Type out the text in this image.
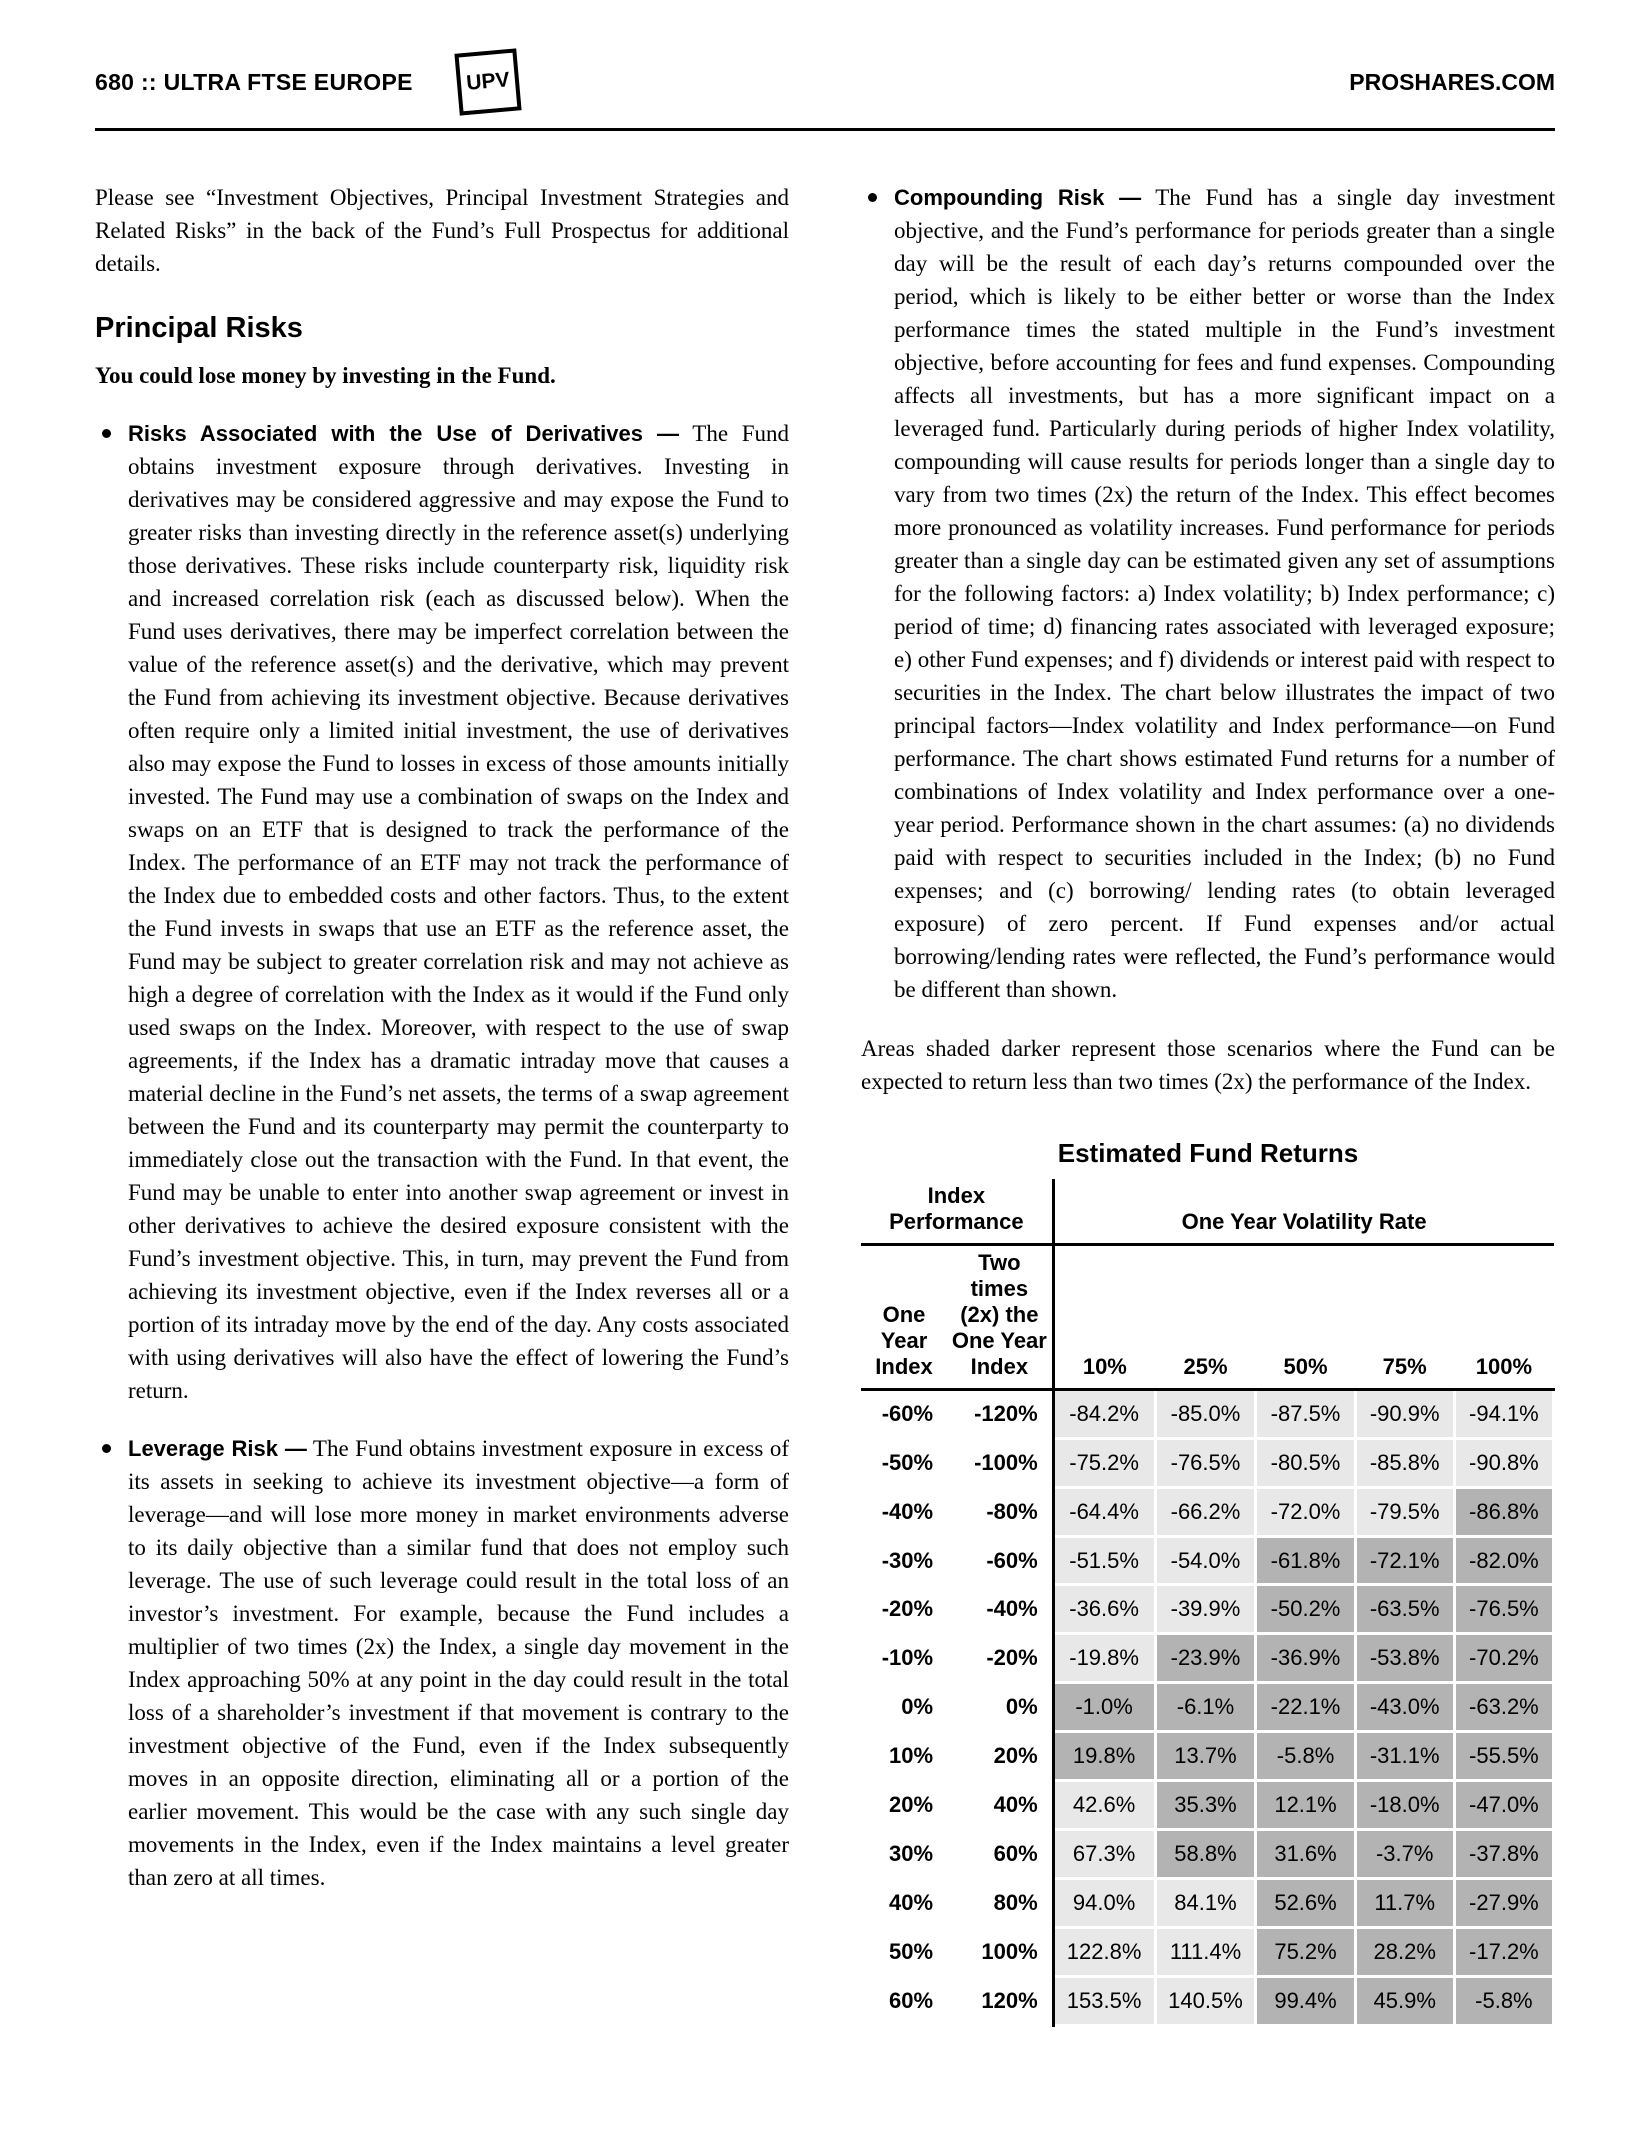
680 :: ULTRA FTSE EUROPE UPV	PROSHARES.COM

Please see “Investment Objectives, Principal Investment Strategies and Related Risks” in the back of the Fund’s Full Prospectus for additional details.

Principal Risks

You could lose money by investing in the Fund.

Risks Associated with the Use of Derivatives — The Fund obtains investment exposure through derivatives. Investing in derivatives may be considered aggressive and may expose the Fund to greater risks than investing directly in the reference asset(s) underlying those derivatives. These risks include counterparty risk, liquidity risk and increased correlation risk (each as discussed below). When the Fund uses derivatives, there may be imperfect correlation between the value of the reference asset(s) and the derivative, which may prevent the Fund from achieving its investment objective. Because derivatives often require only a limited initial investment, the use of derivatives also may expose the Fund to losses in excess of those amounts initially invested. The Fund may use a combination of swaps on the Index and swaps on an ETF that is designed to track the performance of the Index. The performance of an ETF may not track the performance of the Index due to embedded costs and other factors. Thus, to the extent the Fund invests in swaps that use an ETF as the reference asset, the Fund may be subject to greater correlation risk and may not achieve as high a degree of correlation with the Index as it would if the Fund only used swaps on the Index. Moreover, with respect to the use of swap agreements, if the Index has a dramatic intraday move that causes a material decline in the Fund’s net assets, the terms of a swap agreement between the Fund and its counterparty may permit the counterparty to immediately close out the transaction with the Fund. In that event, the Fund may be unable to enter into another swap agreement or invest in other derivatives to achieve the desired exposure consistent with the Fund’s investment objective. This, in turn, may prevent the Fund from achieving its investment objective, even if the Index reverses all or a portion of its intraday move by the end of the day. Any costs associated with using derivatives will also have the effect of lowering the Fund’s return.

Leverage Risk — The Fund obtains investment exposure in excess of its assets in seeking to achieve its investment objective—a form of leverage—and will lose more money in market environments adverse to its daily objective than a similar fund that does not employ such leverage. The use of such leverage could result in the total loss of an investor’s investment. For example, because the Fund includes a multiplier of two times (2x) the Index, a single day movement in the Index approaching 50% at any point in the day could result in the total loss of a shareholder’s investment if that movement is contrary to the investment objective of the Fund, even if the Index subsequently moves in an opposite direction, eliminating all or a portion of the earlier movement. This would be the case with any such single day movements in the Index, even if the Index maintains a level greater than zero at all times.

Compounding Risk — The Fund has a single day investment objective, and the Fund’s performance for periods greater than a single day will be the result of each day’s returns compounded over the period, which is likely to be either better or worse than the Index performance times the stated multiple in the Fund’s investment objective, before accounting for fees and fund expenses. Compounding affects all investments, but has a more significant impact on a leveraged fund. Particularly during periods of higher Index volatility, compounding will cause results for periods longer than a single day to vary from two times (2x) the return of the Index. This effect becomes more pronounced as volatility increases. Fund performance for periods greater than a single day can be estimated given any set of assumptions for the following factors: a) Index volatility; b) Index performance; c) period of time; d) financing rates associated with leveraged exposure; e) other Fund expenses; and f) dividends or interest paid with respect to securities in the Index. The chart below illustrates the impact of two principal factors—Index volatility and Index performance—on Fund performance. The chart shows estimated Fund returns for a number of combinations of Index volatility and Index performance over a one-year period. Performance shown in the chart assumes: (a) no dividends paid with respect to securities included in the Index; (b) no Fund expenses; and (c) borrowing/ lending rates (to obtain leveraged exposure) of zero percent. If Fund expenses and/or actual borrowing/lending rates were reflected, the Fund’s performance would be different than shown.

Areas shaded darker represent those scenarios where the Fund can be expected to return less than two times (2x) the performance of the Index.

Estimated Fund Returns
Index Performance		One Year Volatility Rate				
One Year Index	Two times (2x) the One Year Index	10%	25%	50%	75%	100%
-60%	-120%	-84.2%	-85.0%	-87.5%	-90.9%	-94.1%
-50%	-100%	-75.2%	-76.5%	-80.5%	-85.8%	-90.8%
-40%	-80%	-64.4%	-66.2%	-72.0%	-79.5%	-86.8%
-30%	-60%	-51.5%	-54.0%	-61.8%	-72.1%	-82.0%
-20%	-40%	-36.6%	-39.9%	-50.2%	-63.5%	-76.5%
-10%	-20%	-19.8%	-23.9%	-36.9%	-53.8%	-70.2%
0%	0%	-1.0%	-6.1%	-22.1%	-43.0%	-63.2%
10%	20%	19.8%	13.7%	-5.8%	-31.1%	-55.5%
20%	40%	42.6%	35.3%	12.1%	-18.0%	-47.0%
30%	60%	67.3%	58.8%	31.6%	-3.7%	-37.8%
40%	80%	94.0%	84.1%	52.6%	11.7%	-27.9%
50%	100%	122.8%	111.4%	75.2%	28.2%	-17.2%
60%	120%	153.5%	140.5%	99.4%	45.9%	-5.8%
